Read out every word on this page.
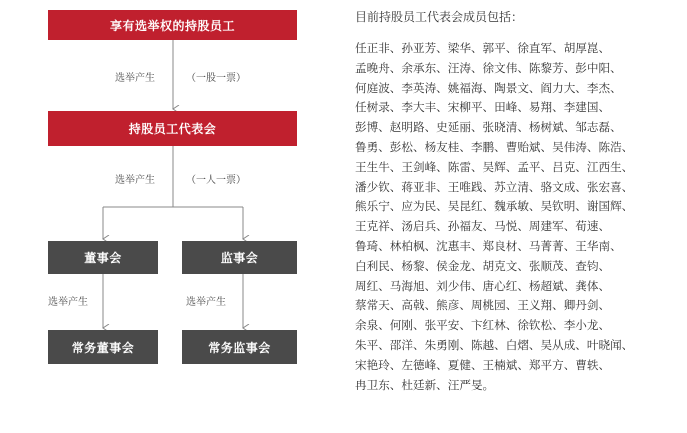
享有选举权的持股员工
持股员工代表会
董事会	监事会
常务董事会	常务监事会
选举产生	（一股一票）
选举产生	（一人一票）
选举产生	选举产生
目前持股员工代表会成员包括：
任正非、孙亚芳、梁华、郭平、徐直军、胡厚崑、
孟晚舟、余承东、汪涛、徐文伟、陈黎芳、彭中阳、
何庭波、李英涛、姚福海、陶景文、阎力大、李杰、
任树录、李大丰、宋柳平、田峰、易翔、李建国、
彭博、赵明路、史延丽、张晓清、杨树斌、邹志磊、
鲁勇、彭松、杨友桂、李鹏、曹贻斌、吴伟涛、陈浩、
王生牛、王剑峰、陈雷、吴辉、孟平、吕克、江西生、
潘少钦、蒋亚非、王唯践、苏立清、骆文成、张宏喜、
熊乐宁、应为民、吴昆红、魏承敏、吴钦明、谢国辉、
王克祥、汤启兵、孙福友、马悦、周建军、荀速、
鲁琦、林柏枫、沈惠丰、郑良材、马菁菁、王华南、
白利民、杨黎、侯金龙、胡克文、张顺茂、查钧、
周红、马海旭、刘少伟、唐心红、杨超斌、龚体、
蔡常天、高戟、熊彦、周桃园、王义翔、卿丹剑、
余泉、何刚、张平安、卞红林、徐钦松、李小龙、
朱平、邵洋、朱勇刚、陈越、白熠、吴从成、叶晓闻、
宋艳玲、左德峰、夏健、王楠斌、郑平方、曹轶、
冉卫东、杜廷新、汪严旻。
